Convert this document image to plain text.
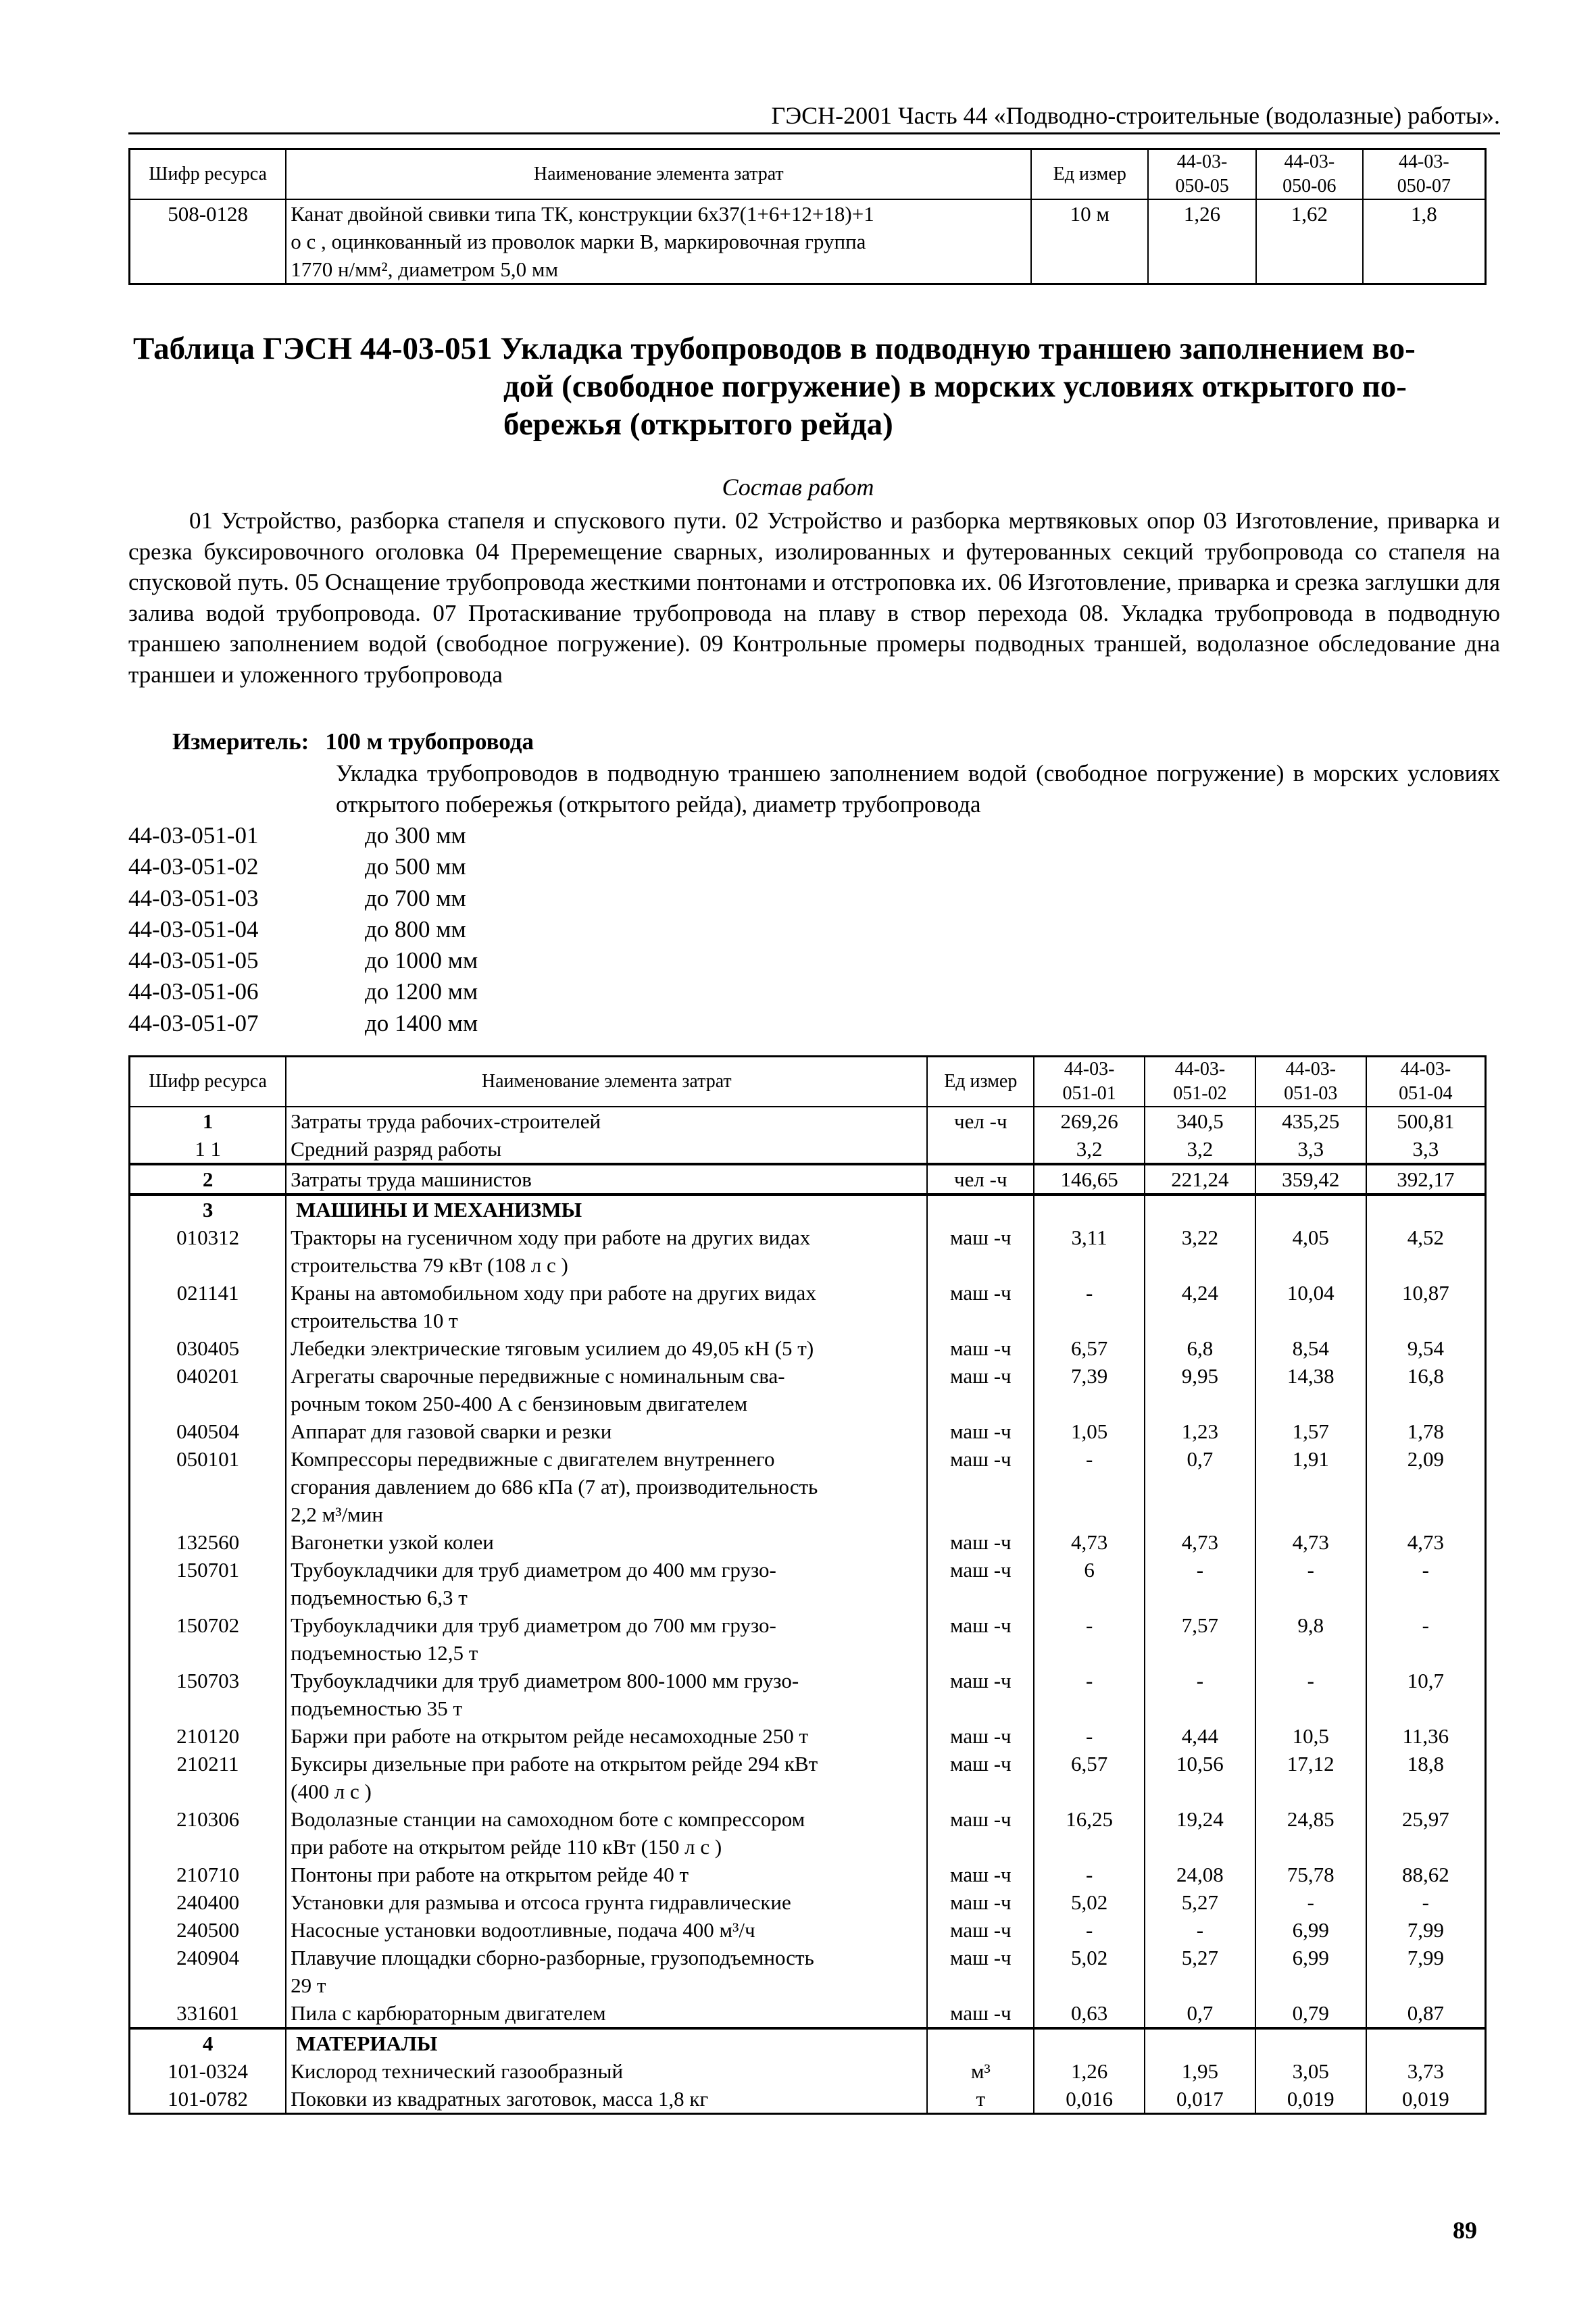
ГЭСН-2001 Часть 44 «Подводно-строительные (водолазные) работы».
Шифр ресурса	Наименование элемента затрат	Ед измер	44-03-
050-05	44-03-
050-06	44-03-
050-07
508-0128	Канат двойной свивки типа ТК, конструкции 6х37(1+6+12+18)+1
о с , оцинкованный из проволок марки В, маркировочная группа
1770 н/мм², диаметром 5,0 мм	10 м	1,26	1,62	1,8
Таблица ГЭСН 44-03-051 Укладка трубопроводов в подводную траншею заполнением во-
дой (свободное погружение) в морских условиях открытого по-
бережья (открытого рейда)
Состав работ
01 Устройство, разборка стапеля и спускового пути. 02 Устройство и разборка мертвяковых опор 03 Изготовление, приварка и срезка буксировочного оголовка 04 Преремещение сварных, изолированных и футерованных секций трубопровода со стапеля на спусковой путь. 05 Оснащение трубопровода жесткими понтонами и отстроповка их. 06 Изготовление, приварка и срезка заглушки для залива водой трубопровода. 07 Протаскивание трубопровода на плаву в створ перехода 08. Укладка трубопровода в подводную траншею заполнением водой (свободное погружение). 09 Контрольные промеры подводных траншей, водолазное обследование дна траншеи и уложенного трубопровода
Измеритель: 100 м трубопровода
Укладка трубопроводов в подводную траншею заполнением водой (свободное погружение) в морских условиях открытого побережья (открытого рейда), диаметр трубопровода
44-03-051-01	до 300 мм
44-03-051-02	до 500 мм
44-03-051-03	до 700 мм
44-03-051-04	до 800 мм
44-03-051-05	до 1000 мм
44-03-051-06	до 1200 мм
44-03-051-07	до 1400 мм
Шифр ресурса	Наименование элемента затрат	Ед измер	44-03-
051-01	44-03-
051-02	44-03-
051-03	44-03-
051-04
1	Затраты труда рабочих-строителей	чел -ч	269,26	340,5	435,25	500,81
1 1	Средний разряд работы		3,2	3,2	3,3	3,3
2	Затраты труда машинистов	чел -ч	146,65	221,24	359,42	392,17
3	МАШИНЫ И МЕХАНИЗМЫ					
010312	Тракторы на гусеничном ходу при работе на других видах
строительства 79 кВт (108 л с )	маш -ч	3,11	3,22	4,05	4,52
021141	Краны на автомобильном ходу при работе на других видах
строительства 10 т	маш -ч	-	4,24	10,04	10,87
030405	Лебедки электрические тяговым усилием до 49,05 кН (5 т)	маш -ч	6,57	6,8	8,54	9,54
040201	Агрегаты сварочные передвижные с номинальным сва-
рочным током 250-400 А с бензиновым двигателем	маш -ч	7,39	9,95	14,38	16,8
040504	Аппарат для газовой сварки и резки	маш -ч	1,05	1,23	1,57	1,78
050101	Компрессоры передвижные с двигателем внутреннего
сгорания давлением до 686 кПа (7 ат), производительность
2,2 м³/мин	маш -ч	-	0,7	1,91	2,09
132560	Вагонетки узкой колеи	маш -ч	4,73	4,73	4,73	4,73
150701	Трубоукладчики для труб диаметром до 400 мм грузо-
подъемностью 6,3 т	маш -ч	6	-	-	-
150702	Трубоукладчики для труб диаметром до 700 мм грузо-
подъемностью 12,5 т	маш -ч	-	7,57	9,8	-
150703	Трубоукладчики для труб диаметром 800-1000 мм грузо-
подъемностью 35 т	маш -ч	-	-	-	10,7
210120	Баржи при работе на открытом рейде несамоходные 250 т	маш -ч	-	4,44	10,5	11,36
210211	Буксиры дизельные при работе на открытом рейде 294 кВт
(400 л с )	маш -ч	6,57	10,56	17,12	18,8
210306	Водолазные станции на самоходном боте с компрессором
при работе на открытом рейде 110 кВт (150 л с )	маш -ч	16,25	19,24	24,85	25,97
210710	Понтоны при работе на открытом рейде 40 т	маш -ч	-	24,08	75,78	88,62
240400	Установки для размыва и отсоса грунта гидравлические	маш -ч	5,02	5,27	-	-
240500	Насосные установки водоотливные, подача 400 м³/ч	маш -ч	-	-	6,99	7,99
240904	Плавучие площадки сборно-разборные, грузоподъемность
29 т	маш -ч	5,02	5,27	6,99	7,99
331601	Пила с карбюраторным двигателем	маш -ч	0,63	0,7	0,79	0,87
4	МАТЕРИАЛЫ					
101-0324	Кислород технический газообразный	м³	1,26	1,95	3,05	3,73
101-0782	Поковки из квадратных заготовок, масса 1,8 кг	т	0,016	0,017	0,019	0,019
89
